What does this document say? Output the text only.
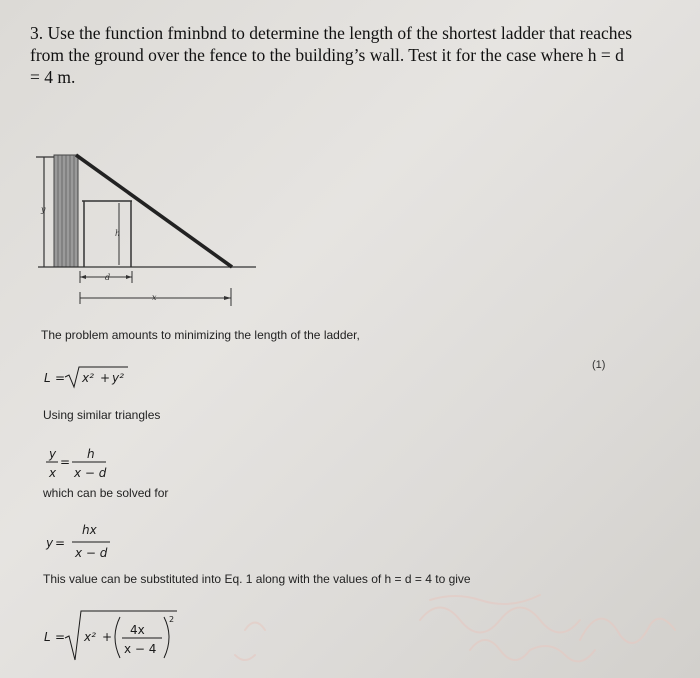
3. Use the function fminbnd to determine the length of the shortest ladder that reaches
from the ground over the fence to the building’s wall. Test it for the case where h = d
= 4 m.
y
h
d
x
The problem amounts to minimizing the length of the ladder,
(1)
L = x² + y²
Using similar triangles
y
x
=
h
x − d
which can be solved for
y =
hx
x − d
This value can be substituted into Eq. 1 along with the values of h = d = 4 to give
L = x² + 4x
x − 4
2
